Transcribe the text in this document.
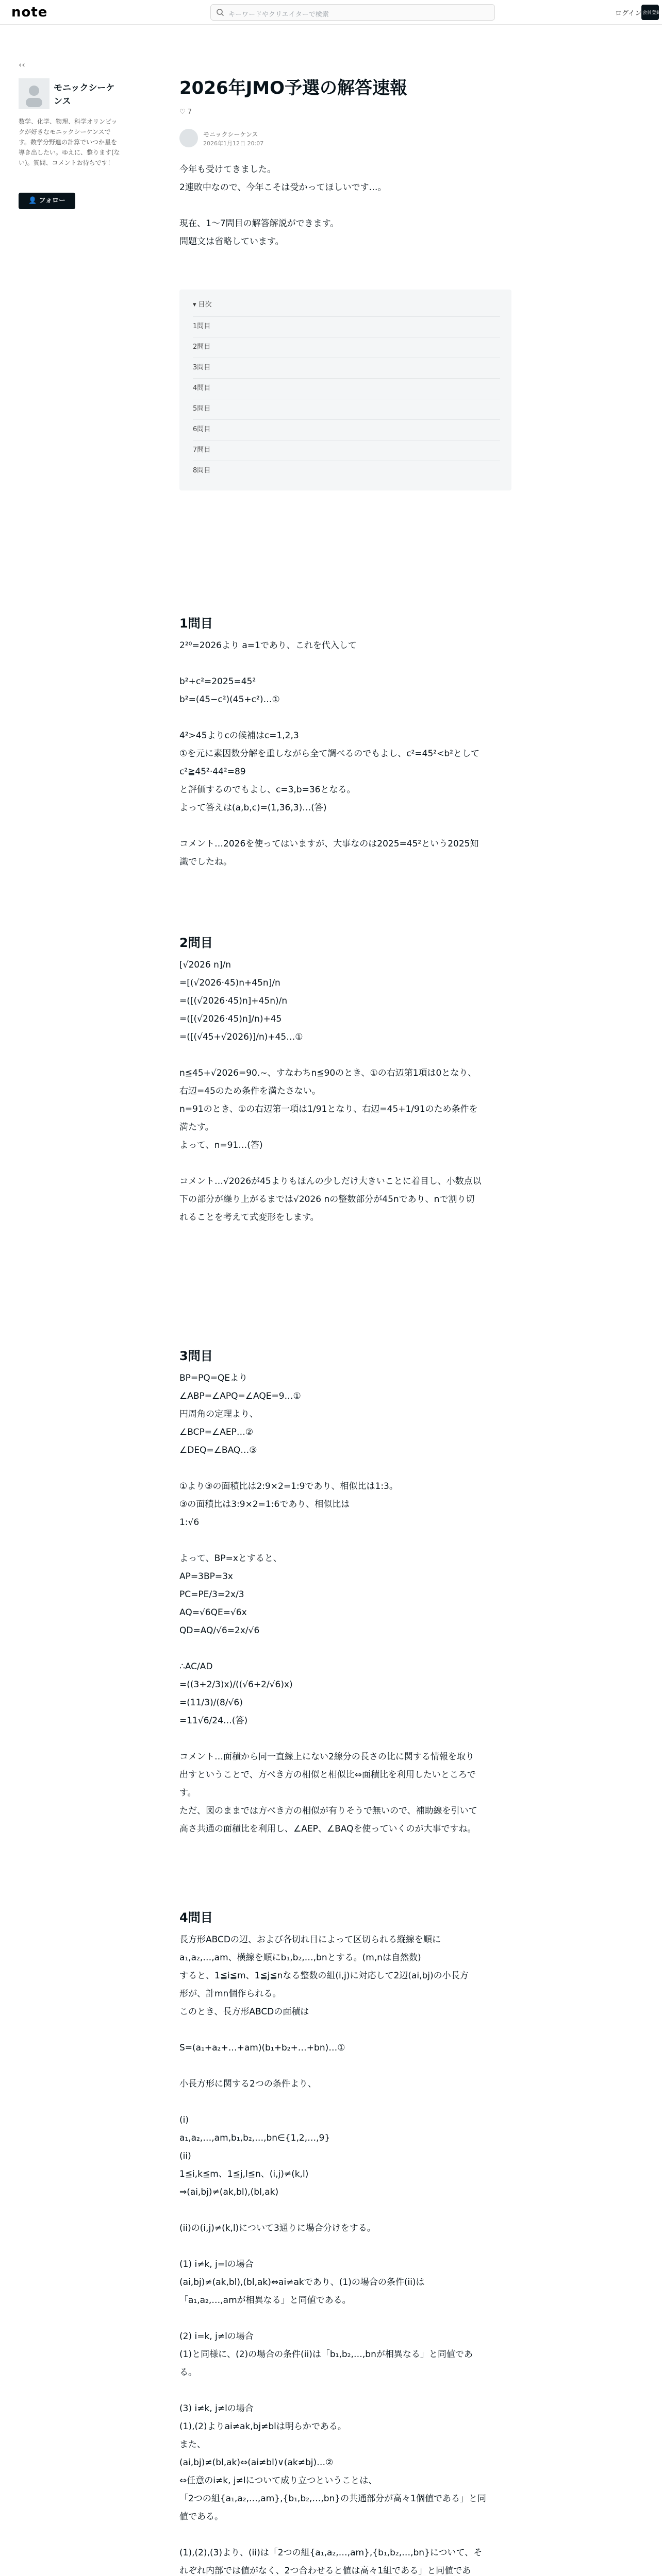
note	キーワードやクリエイターで検索	ログイン 会員登録
‹‹
モニックシーケンス
数学、化学、物理、科学オリンピックが好きなモニックシーケンスです。数学分野進の計算でいつか星を導き出したい。ゆえに、整ります(ない)。質問、コメントお待ちです！
👤 フォロー
2026年JMO予選の解答速報
♡ 7
モニックシーケンス
2026年1月12日 20:07
今年も受けてきました。
2連敗中なので、今年こそは受かってほしいです…。
現在、1〜7問目の解答解説ができます。
問題文は省略しています。
▾ 目次
1問目
2問目
3問目
4問目
5問目
6問目
7問目
8問目
1問目
2²⁰=2026より a=1であり、これを代入して
b²+c²=2025=45²
b²=(45−c²)(45+c²)…①
4²>45よりcの候補はc=1,2,3
①を元に素因数分解を重しながら全て調べるのでもよし、c²=45²<b²として
c²≧45²·44²=89
と評価するのでもよし、c=3,b=36となる。
よって答えは(a,b,c)=(1,36,3)…(答)
コメント…2026を使ってはいますが、大事なのは2025=45²という2025知
識でしたね。
2問目
[√2026 n]/n
=[(√2026·45)n+45n]/n
=([(√2026·45)n]+45n)/n
=([(√2026·45)n]/n)+45
=([(√45+√2026)]/n)+45…①
n≦45+√2026=90.~、すなわちn≦90のとき、①の右辺第1項は0となり、
右辺=45のため条件を満たさない。
n=91のとき、①の右辺第一項は1/91となり、右辺=45+1/91のため条件を
満たす。
よって、n=91…(答)
コメント…√2026が45よりもほんの少しだけ大きいことに着目し、小数点以
下の部分が繰り上がるまでは√2026 nの整数部分が45nであり、nで割り切
れることを考えて式変形をします。
3問目
BP=PQ=QEより
∠ABP=∠APQ=∠AQE=9…①
円周角の定理より、
∠BCP=∠AEP…②
∠DEQ=∠BAQ…③
①より③の面積比は2:9×2=1:9であり、相似比は1:3。
③の面積比は3:9×2=1:6であり、相似比は
1:√6
よって、BP=xとすると、
AP=3BP=3x
PC=PE/3=2x/3
AQ=√6QE=√6x
QD=AQ/√6=2x/√6
∴AC/AD
=((3+2/3)x)/((√6+2/√6)x)
=(11/3)/(8/√6)
=11√6/24…(答)
コメント…面積から同一直線上にない2線分の長さの比に関する情報を取り
出すということで、方べき方の相似と相似比⇔面積比を利用したいところで
す。
ただ、図のままでは方べき方の相似が有りそうで無いので、補助線を引いて
高さ共通の面積比を利用し、∠AEP、∠BAQを使っていくのが大事ですね。
4問目
長方形ABCDの辺、および各切れ目によって区切られる縦線を順に
a₁,a₂,…,am、横線を順にb₁,b₂,…,bnとする。(m,nは自然数)
すると、1≦i≦m、1≦j≦nなる整数の組(i,j)に対応して2辺(ai,bj)の小長方
形が、計mn個作られる。
このとき、長方形ABCDの面積は
S=(a₁+a₂+…+am)(b₁+b₂+…+bn)…①
小長方形に関する2つの条件より、
(i)
a₁,a₂,…,am,b₁,b₂,…,bn∈{1,2,…,9}
(ii)
1≦i,k≦m、1≦j,l≦n、(i,j)≠(k,l)
⇒(ai,bj)≠(ak,bl),(bl,ak)
(ii)の(i,j)≠(k,l)について3通りに場合分けをする。
(1) i≠k, j=lの場合
(ai,bj)≠(ak,bl),(bl,ak)⇔ai≠akであり、(1)の場合の条件(ii)は
「a₁,a₂,…,amが相異なる」と同値である。
(2) i=k, j≠lの場合
(1)と同様に、(2)の場合の条件(ii)は「b₁,b₂,…,bnが相異なる」と同値であ
る。
(3) i≠k, j≠lの場合
(1),(2)よりai≠ak,bj≠blは明らかである。
また、
(ai,bj)≠(bl,ak)⇔(ai≠bl)∨(ak≠bj)…②
⇔任意のi≠k, j≠lについて成り立つということは、
「2つの組{a₁,a₂,…,am},{b₁,b₂,…,bn}の共通部分が高々1個値である」と同
値である。
(1),(2),(3)より、(ii)は「2つの組{a₁,a₂,…,am},{b₁,b₂,…,bn}について、そ
れぞれ内部では値がなく、2つ合わせると値は高々1組である」と同値であ
